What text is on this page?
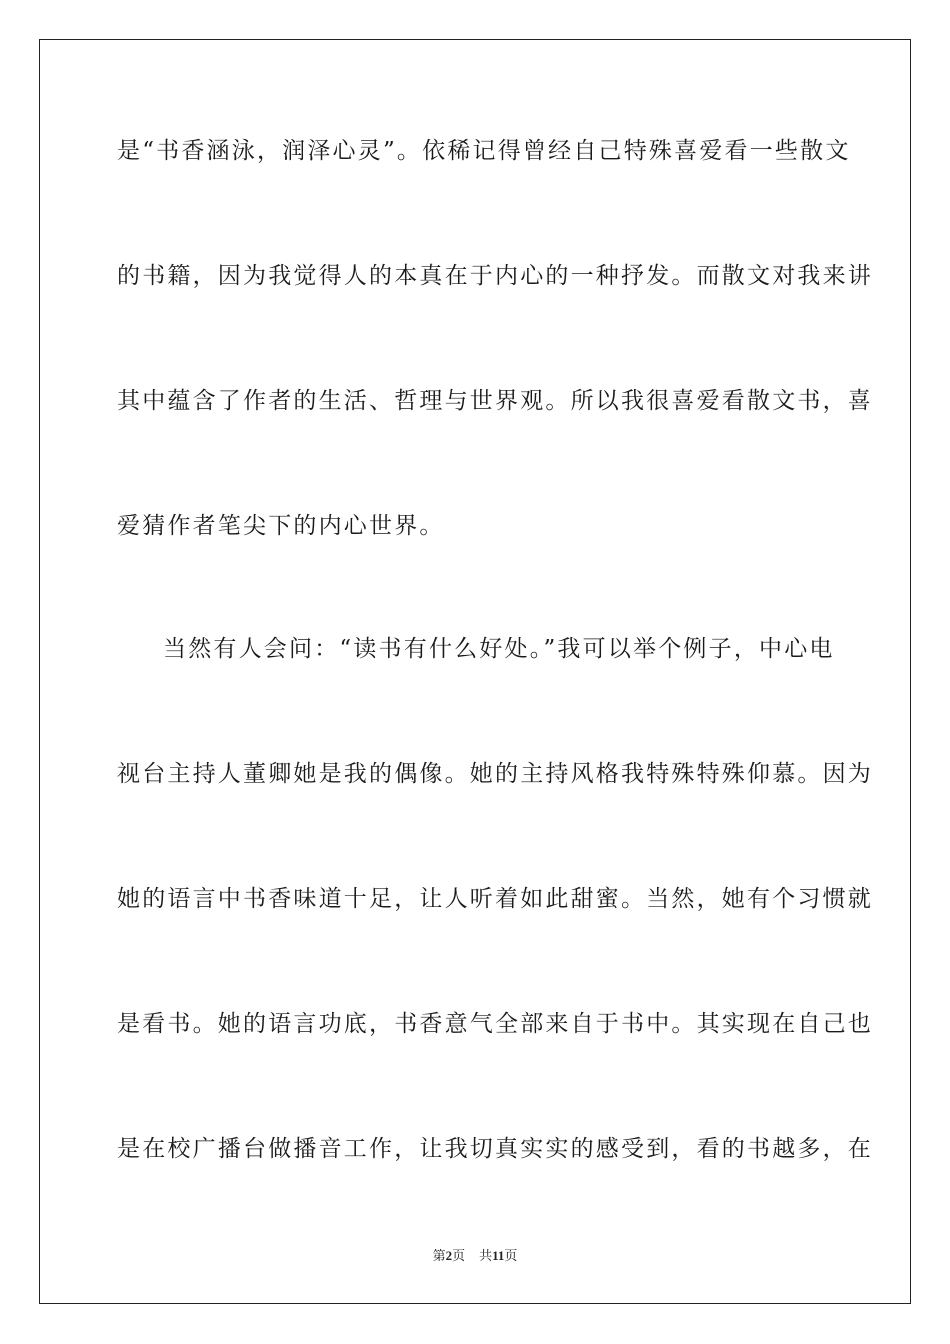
是“书香涵泳，润泽心灵”。依稀记得曾经自己特殊喜爱看一些散文
的书籍，因为我觉得人的本真在于内心的一种抒发。而散文对我来讲
其中蕴含了作者的生活、哲理与世界观。所以我很喜爱看散文书，喜
爱猜作者笔尖下的内心世界。
当然有人会问：“读书有什么好处。”我可以举个例子，中心电
视台主持人董卿她是我的偶像。她的主持风格我特殊特殊仰慕。因为
她的语言中书香味道十足，让人听着如此甜蜜。当然，她有个习惯就
是看书。她的语言功底，书香意气全部来自于书中。其实现在自己也
是在校广播台做播音工作，让我切真实实的感受到，看的书越多，在
第2页 共11页
